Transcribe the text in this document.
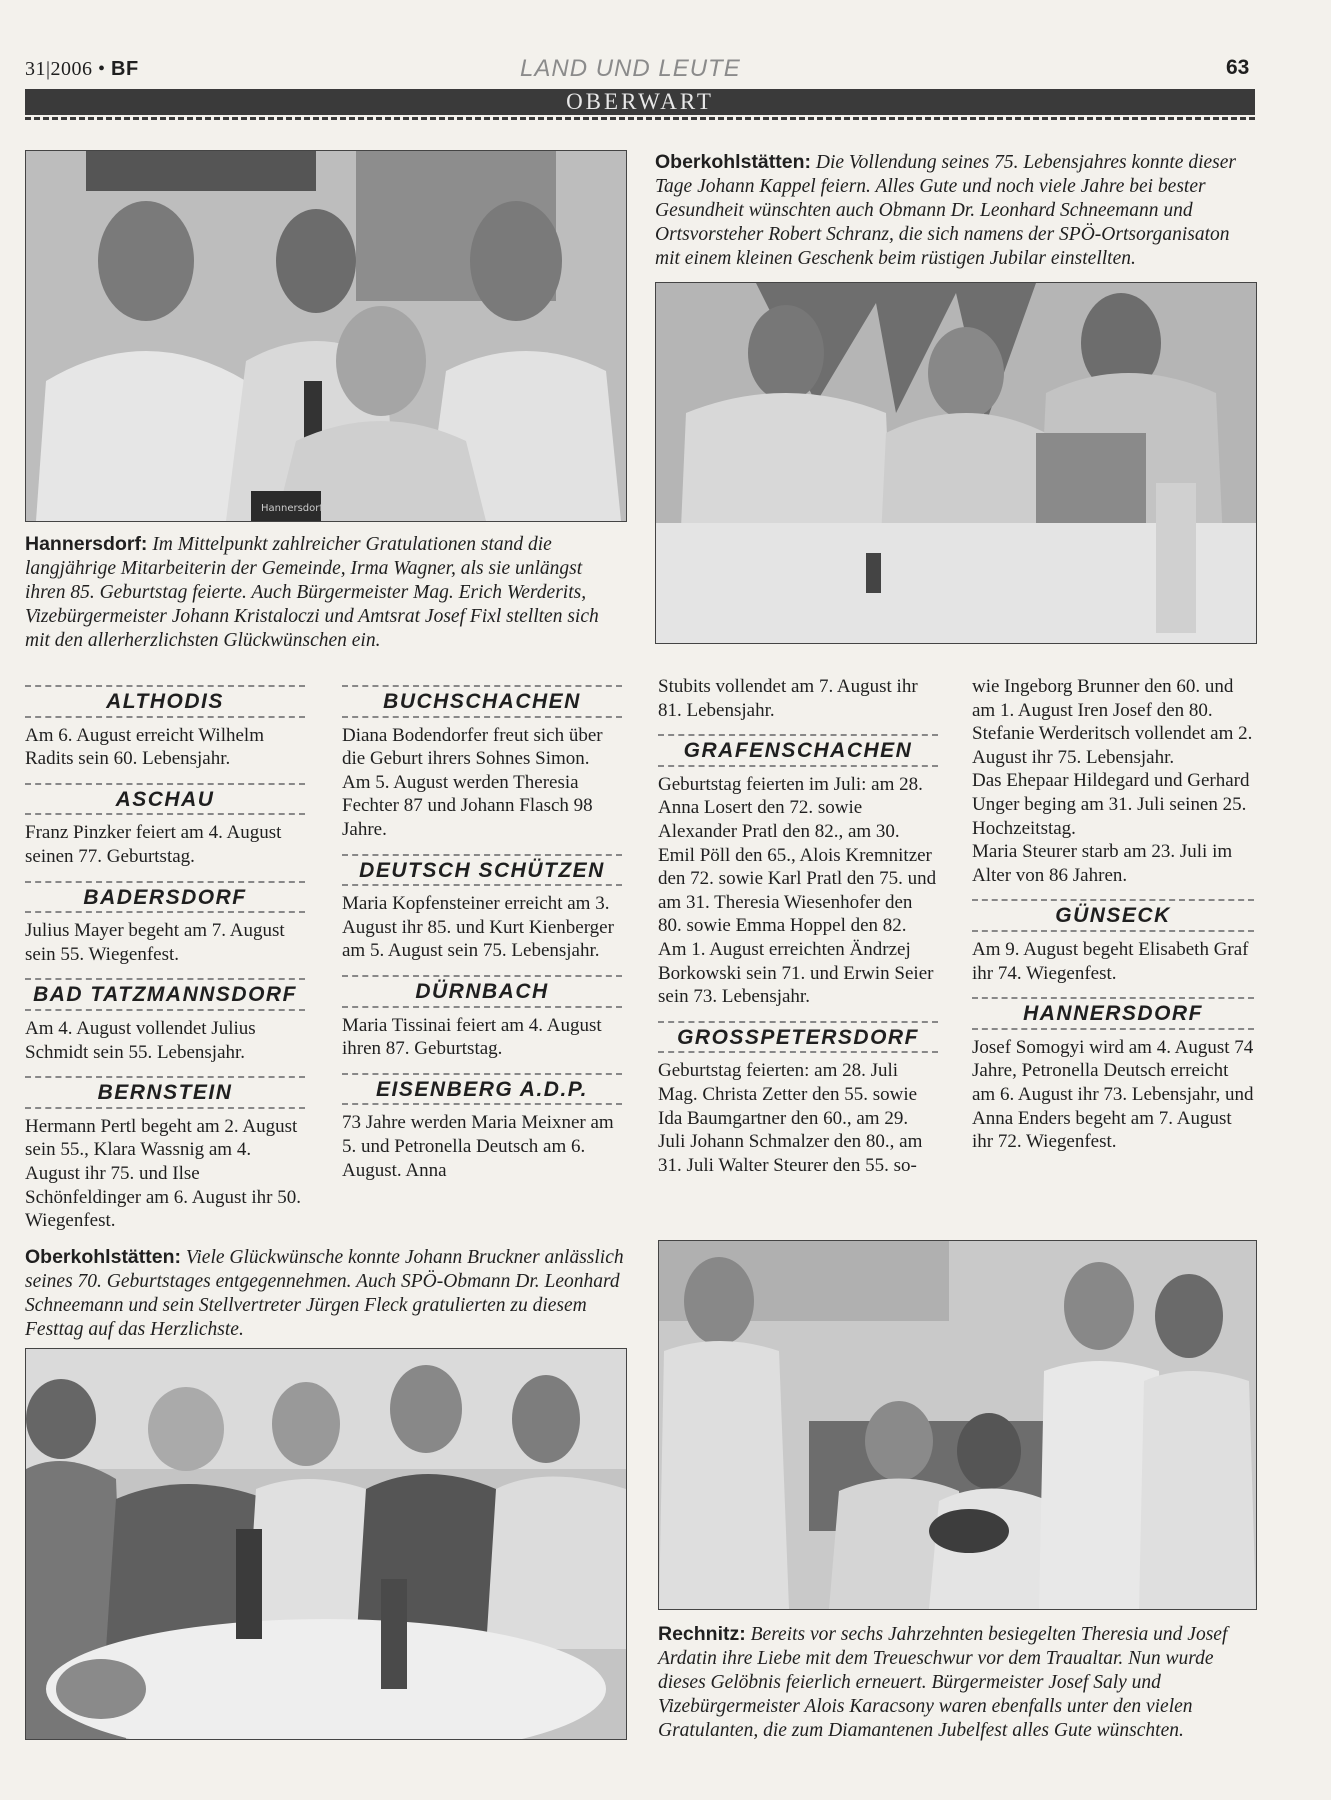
31|2006 • BF	LAND UND LEUTE	63
OBERWART
Hannersdorf
Oberkohlstätten: Die Vollendung seines 75. Lebensjahres konnte dieser Tage Johann Kappel feiern. Alles Gute und noch viele Jahre bei bester Gesundheit wünschten auch Obmann Dr. Leonhard Schneemann und Ortsvorsteher Robert Schranz, die sich namens der SPÖ-Ortsorganisaton mit einem kleinen Geschenk beim rüstigen Jubilar einstellten.
Hannersdorf: Im Mittelpunkt zahlreicher Gratulationen stand die langjährige Mitarbeiterin der Gemeinde, Irma Wagner, als sie unlängst ihren 85. Geburtstag feierte. Auch Bürgermeister Mag. Erich Werderits, Vizebürgermeister Johann Kristaloczi und Amtsrat Josef Fixl stellten sich mit den allerherzlichsten Glückwünschen ein.
ALTHODIS

Am 6. August erreicht Wilhelm Radits sein 60. Lebensjahr.

ASCHAU

Franz Pinzker feiert am 4. August seinen 77. Geburtstag.

BADERSDORF

Julius Mayer begeht am 7. August sein 55. Wiegenfest.

BAD TATZMANNSDORF

Am 4. August vollendet Julius Schmidt sein 55. Lebensjahr.

BERNSTEIN

Hermann Pertl begeht am 2. August sein 55., Klara Wassnig am 4. August ihr 75. und Ilse Schönfeldinger am 6. August ihr 50. Wiegenfest.

BUCHSCHACHEN

Diana Bodendorfer freut sich über die Geburt ihrers Sohnes Simon.

Am 5. August werden Theresia Fechter 87 und Johann Flasch 98 Jahre.

DEUTSCH SCHÜTZEN

Maria Kopfensteiner erreicht am 3. August ihr 85. und Kurt Kienberger am 5. August sein 75. Lebensjahr.

DÜRNBACH

Maria Tissinai feiert am 4. August ihren 87. Geburtstag.

EISENBERG A.D.P.

73 Jahre werden Maria Meixner am 5. und Petronella Deutsch am 6. August. Anna

Stubits vollendet am 7. August ihr 81. Lebensjahr.

GRAFENSCHACHEN

Geburtstag feierten im Juli: am 28. Anna Losert den 72. sowie Alexander Pratl den 82., am 30. Emil Pöll den 65., Alois Kremnitzer den 72. sowie Karl Pratl den 75. und am 31. Theresia Wiesenhofer den 80. sowie Emma Hoppel den 82.

Am 1. August erreichten Ändrzej Borkowski sein 71. und Erwin Seier sein 73. Lebensjahr.

GROSSPETERSDORF

Geburtstag feierten: am 28. Juli Mag. Christa Zetter den 55. sowie Ida Baumgartner den 60., am 29. Juli Johann Schmalzer den 80., am 31. Juli Walter Steurer den 55. so-

wie Ingeborg Brunner den 60. und am 1. August Iren Josef den 80.

Stefanie Werderitsch vollendet am 2. August ihr 75. Lebensjahr.

Das Ehepaar Hildegard und Gerhard Unger beging am 31. Juli seinen 25. Hochzeitstag.

Maria Steurer starb am 23. Juli im Alter von 86 Jahren.

GÜNSECK

Am 9. August begeht Elisabeth Graf ihr 74. Wiegenfest.

HANNERSDORF

Josef Somogyi wird am 4. August 74 Jahre, Petronella Deutsch erreicht am 6. August ihr 73. Lebensjahr, und Anna Enders begeht am 7. August ihr 72. Wiegenfest.

Oberkohlstätten: Viele Glückwünsche konnte Johann Bruckner anlässlich seines 70. Geburtstages entgegennehmen. Auch SPÖ-Obmann Dr. Leonhard Schneemann und sein Stellvertreter Jürgen Fleck gratulierten zu diesem Festtag auf das Herzlichste.
Rechnitz: Bereits vor sechs Jahrzehnten besiegelten Theresia und Josef Ardatin ihre Liebe mit dem Treueschwur vor dem Traualtar. Nun wurde dieses Gelöbnis feierlich erneuert. Bürgermeister Josef Saly und Vizebürgermeister Alois Karacsony waren ebenfalls unter den vielen Gratulanten, die zum Diamantenen Jubelfest alles Gute wünschten.
